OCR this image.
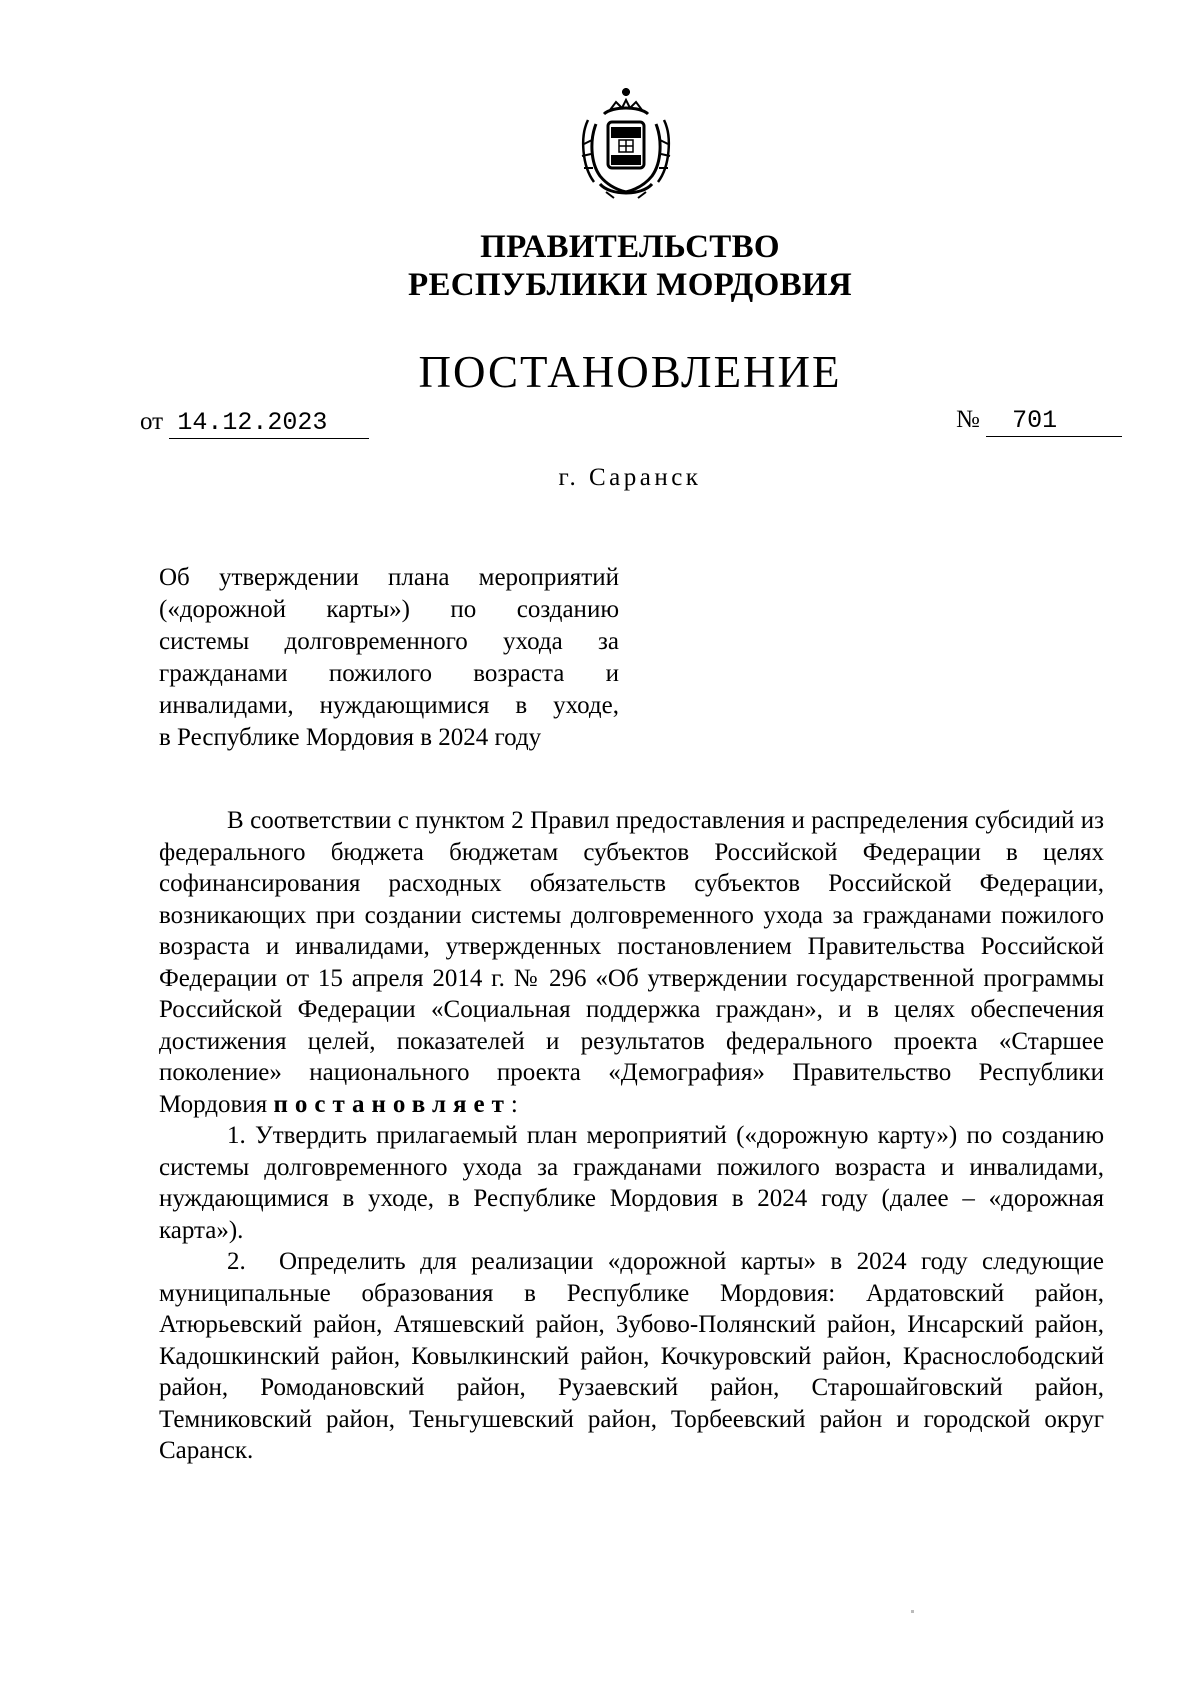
ПРАВИТЕЛЬСТВО
РЕСПУБЛИКИ МОРДОВИЯ
ПОСТАНОВЛЕНИЕ
от 14.12.2023	№ 701
г. Саранск
Об утверждении плана мероприятий
(«дорожной карты») по созданию
системы долговременного ухода за
гражданами пожилого возраста и
инвалидами, нуждающимися в уходе,
в Республике Мордовия в 2024 году

В соответствии с пунктом 2 Правил предоставления и распределения субсидий из федерального бюджета бюджетам субъектов Российской Федерации в целях софинансирования расходных обязательств субъектов Российской Федерации, возникающих при создании системы долговременного ухода за гражданами пожилого возраста и инвалидами, утвержденных постановлением Правительства Российской Федерации от 15 апреля 2014 г. № 296 «Об утверждении государственной программы Российской Федерации «Социальная поддержка граждан», и в целях обеспечения достижения целей, показателей и результатов федерального проекта «Старшее поколение» национального проекта «Демография» Правительство Республики Мордовия постановляет:

1. Утвердить прилагаемый план мероприятий («дорожную карту») по созданию системы долговременного ухода за гражданами пожилого возраста и инвалидами, нуждающимися в уходе, в Республике Мордовия в 2024 году (далее – «дорожная карта»).

2. Определить для реализации «дорожной карты» в 2024 году следующие муниципальные образования в Республике Мордовия: Ардатовский район, Атюрьевский район, Атяшевский район, Зубово-Полянский район, Инсарский район, Кадошкинский район, Ковылкинский район, Кочкуровский район, Краснослободский район, Ромодановский район, Рузаевский район, Старошайговский район, Темниковский район, Теньгушевский район, Торбеевский район и городской округ Саранск.
